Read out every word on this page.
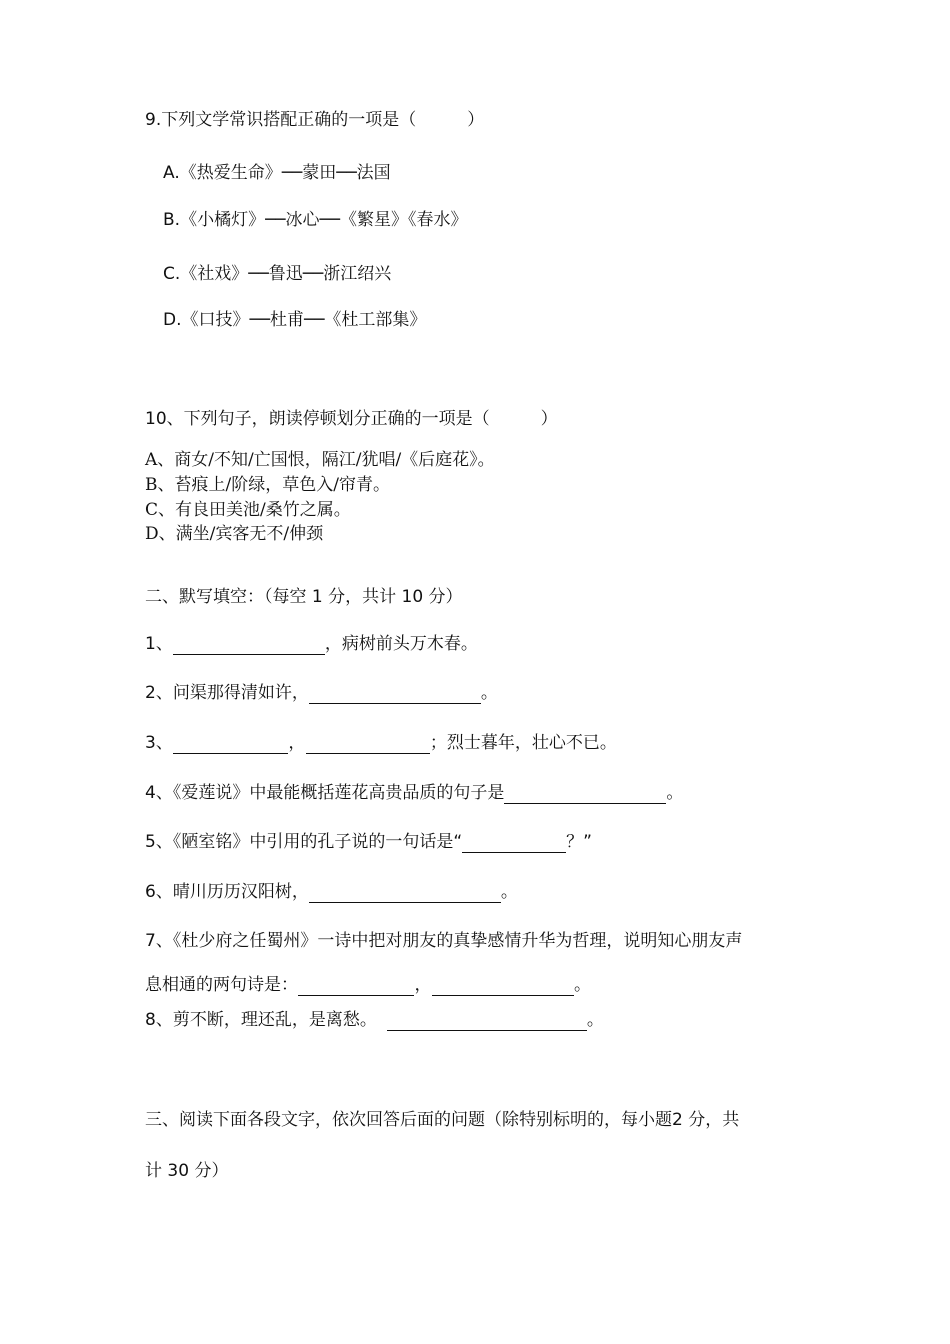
9.下列文学常识搭配正确的一项是（　　　）
A.《热爱生命》──蒙田──法国
B.《小橘灯》──冰心──《繁星》《春水》
C.《社戏》──鲁迅──浙江绍兴
D.《口技》──杜甫──《杜工部集》
10、下列句子，朗读停顿划分正确的一项是（　　　）
A、商女/不知/亡国恨，隔江/犹唱/《后庭花》。
B、苔痕上/阶绿，草色入/帘青。
C、有良田美池/桑竹之属。
D、满坐/宾客无不/伸颈
二、默写填空：（每空 1 分，共计 10 分）
1、	，病树前头万木春。
2、问渠那得清如许，	。
3、	，	；烈士暮年，壮心不已。
4、《爱莲说》中最能概括莲花高贵品质的句子是	。
5、《陋室铭》中引用的孔子说的一句话是“	？”
6、晴川历历汉阳树，	。
7、《杜少府之任蜀州》一诗中把对朋友的真挚感情升华为哲理，说明知心朋友声
息相通的两句诗是：	，	。
8、剪不断，理还乱，是离愁。	。
三、阅读下面各段文字，依次回答后面的问题（除特别标明的，每小题2 分，共
计 30 分）
